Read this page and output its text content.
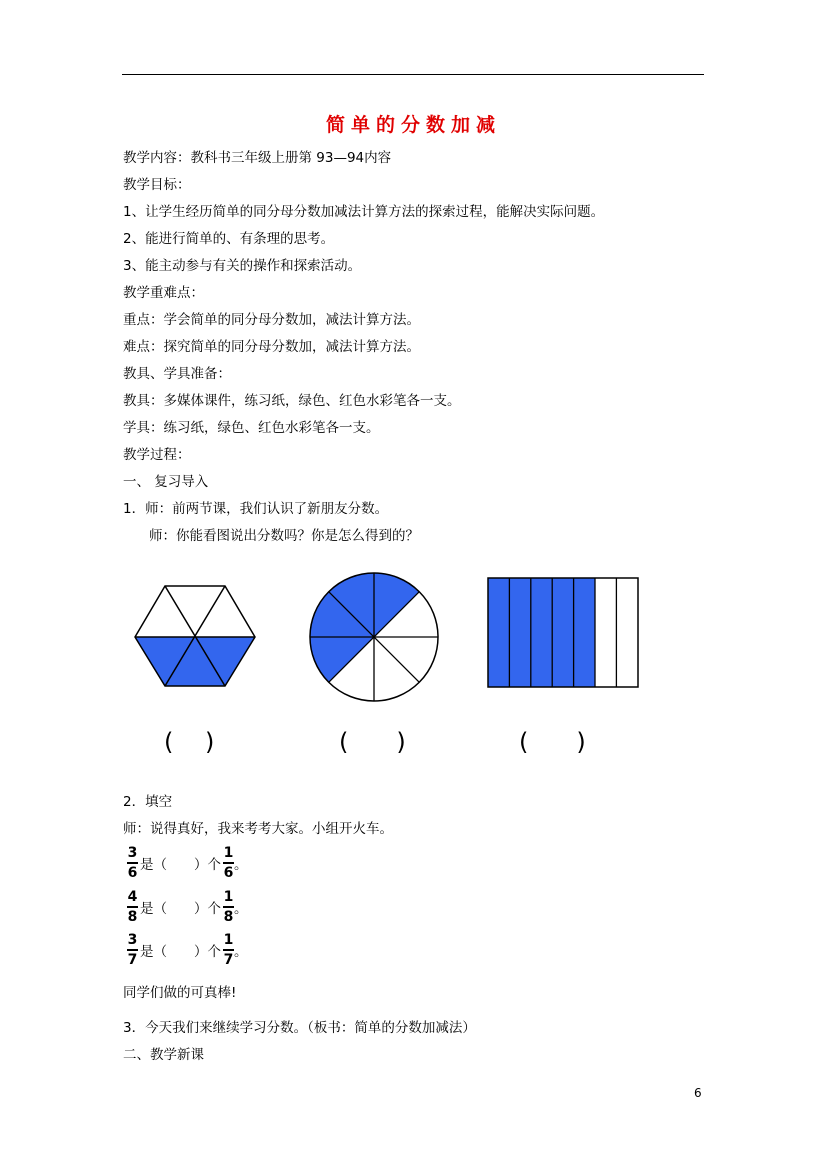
简单的分数加减
教学内容：教科书三年级上册第 93—94内容
教学目标：
1、让学生经历简单的同分母分数加减法计算方法的探索过程，能解决实际问题。
2、能进行简单的、有条理的思考。
3、能主动参与有关的操作和探索活动。
教学重难点：
重点：学会简单的同分母分数加，减法计算方法。
难点：探究简单的同分母分数加，减法计算方法。
教具、学具准备：
教具：多媒体课件，练习纸，绿色、红色水彩笔各一支。
学具：练习纸，绿色、红色水彩笔各一支。
教学过程：
一、 复习导入
1．师：前两节课，我们认识了新朋友分数。
师：你能看图说出分数吗？你是怎么得到的？
(　 )	(　　)	(　　)
2．填空
师：说得真好，我来考考大家。小组开火车。
$\frac{3}{6}$ 是（　　）个 $\frac{1}{6}$ 。
$\frac{4}{8}$ 是（　　）个 $\frac{1}{8}$ 。
$\frac{3}{7}$ 是（　　）个 $\frac{1}{7}$ 。
同学们做的可真棒!
3．今天我们来继续学习分数。（板书：简单的分数加减法）
二、教学新课
6
